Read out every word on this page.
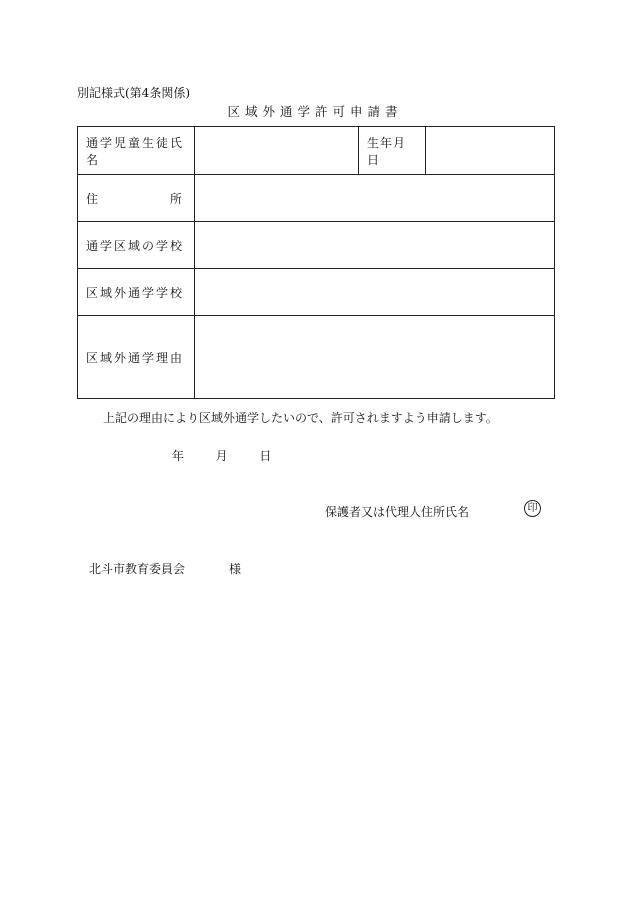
別記様式(第4条関係)
区域外通学許可申請書
通学児童生徒氏名		生年月日	

住 所			

通学区域の学校			
区域外通学学校			
区域外通学理由			
上記の理由により区域外通学したいので、許可されますよう申請します。
年	月	日
保護者又は代理人住所氏名	印
北斗市教育委員会	様
